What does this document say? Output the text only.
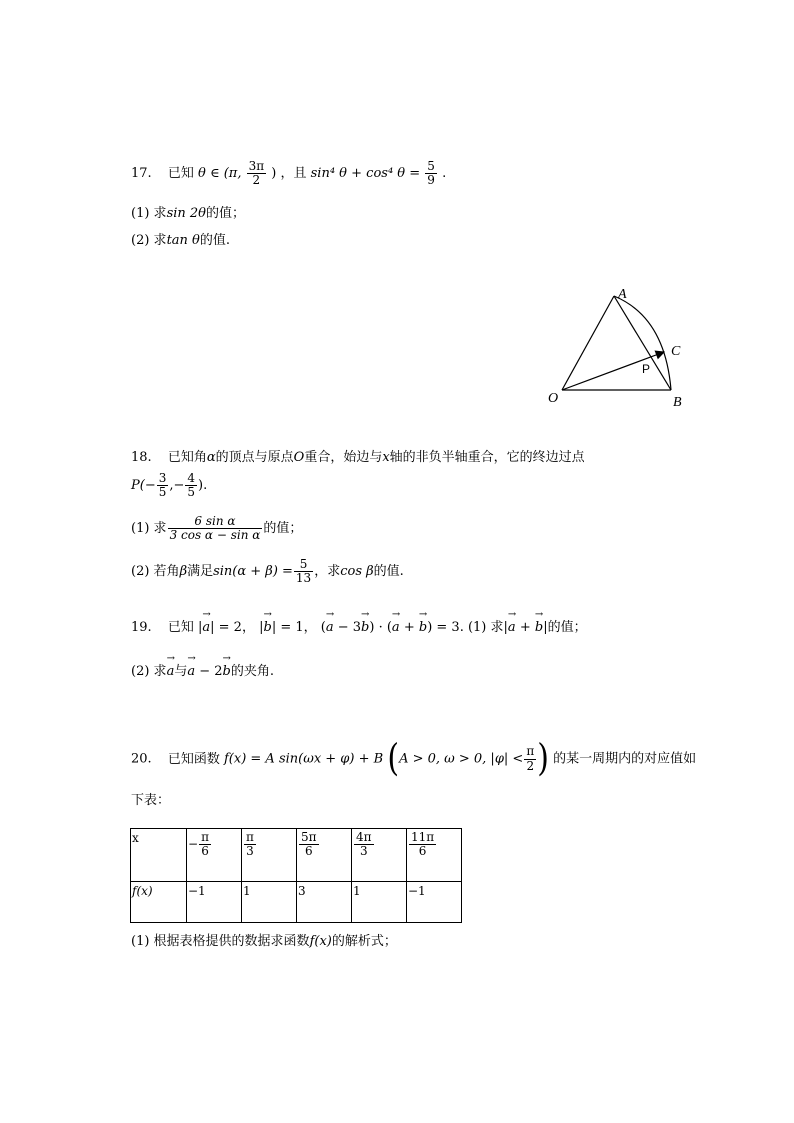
17. 已知 θ ∈ (π, $\frac{3\pi}{2}$ ) ，且 sin⁴ θ + cos⁴ $\theta = \frac{5}{9}$ .
(1) 求sin 2θ的值；
(2) 求tan θ的值.
A
C
P
O	B
18. 已知角α的顶点与原点O重合，始边与x轴的非负半轴重合，它的终边过点
$P(- \frac{3}{5}$ ,− $\frac{4}{5}$ ).
(1) 求 $\frac{\text{6 sin α}}{\text{3 cos α − sin α}}$ 的值；
(2) 若角β满足$\sin(\alpha + \beta) = \frac{5}{13}$ ，求cos β的值.
19. 已知 |→ a| = 2， |→ b| = 1， (→ a − 3→ b) · (→ a + → b) = 3. (1) 求|→ a + → b|的值；
(2) 求→ a与→ a − 2→ b的夹角.
20. 已知函数 f(x) = A sin(ωx + φ) + B (A > 0, ω > 0, $|\varphi| < \frac{\pi}{2}$ ) 的某一周期内的对应值如
下表：
x	− $\frac{\pi}{6}$	$\frac{\pi}{3}$	$\frac{5\pi}{6}$	$\frac{4\pi}{3}$	$\frac{11\pi}{6}$

f(x)	−1	1	3	1	−1
(1) 根据表格提供的数据求函数f(x)的解析式；
